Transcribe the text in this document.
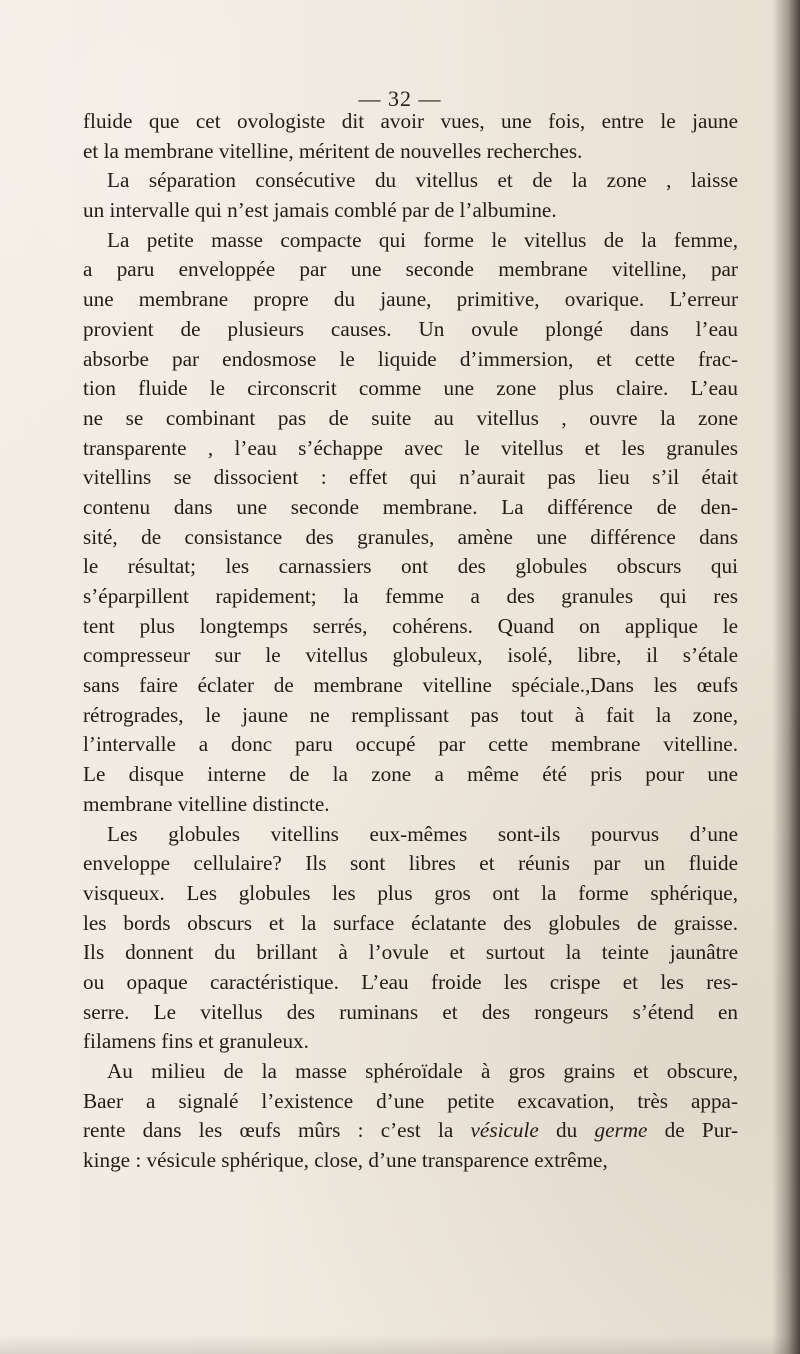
— 32 —
fluide que cet ovologiste dit avoir vues, une fois, entre le jaune
et la membrane vitelline, méritent de nouvelles recherches.
La séparation consécutive du vitellus et de la zone , laisse
un intervalle qui n’est jamais comblé par de l’albumine.
La petite masse compacte qui forme le vitellus de la femme,
a paru enveloppée par une seconde membrane vitelline, par
une membrane propre du jaune, primitive, ovarique. L’erreur
provient de plusieurs causes. Un ovule plongé dans l’eau
absorbe par endosmose le liquide d’immersion, et cette frac-
tion fluide le circonscrit comme une zone plus claire. L’eau
ne se combinant pas de suite au vitellus , ouvre la zone
transparente , l’eau s’échappe avec le vitellus et les granules
vitellins se dissocient : effet qui n’aurait pas lieu s’il était
contenu dans une seconde membrane. La différence de den-
sité, de consistance des granules, amène une différence dans
le résultat; les carnassiers ont des globules obscurs qui
s’éparpillent rapidement; la femme a des granules qui res
tent plus longtemps serrés, cohérens. Quand on applique le
compresseur sur le vitellus globuleux, isolé, libre, il s’étale
sans faire éclater de membrane vitelline spéciale.,Dans les œufs
rétrogrades, le jaune ne remplissant pas tout à fait la zone,
l’intervalle a donc paru occupé par cette membrane vitelline.
Le disque interne de la zone a même été pris pour une
membrane vitelline distincte.
Les globules vitellins eux-mêmes sont-ils pourvus d’une
enveloppe cellulaire? Ils sont libres et réunis par un fluide
visqueux. Les globules les plus gros ont la forme sphérique,
les bords obscurs et la surface éclatante des globules de graisse.
Ils donnent du brillant à l’ovule et surtout la teinte jaunâtre
ou opaque caractéristique. L’eau froide les crispe et les res-
serre. Le vitellus des ruminans et des rongeurs s’étend en
filamens fins et granuleux.
Au milieu de la masse sphéroïdale à gros grains et obscure,
Baer a signalé l’existence d’une petite excavation, très appa-
rente dans les œufs mûrs : c’est la vésicule du germe de Pur-
kinge : vésicule sphérique, close, d’une transparence extrême,
